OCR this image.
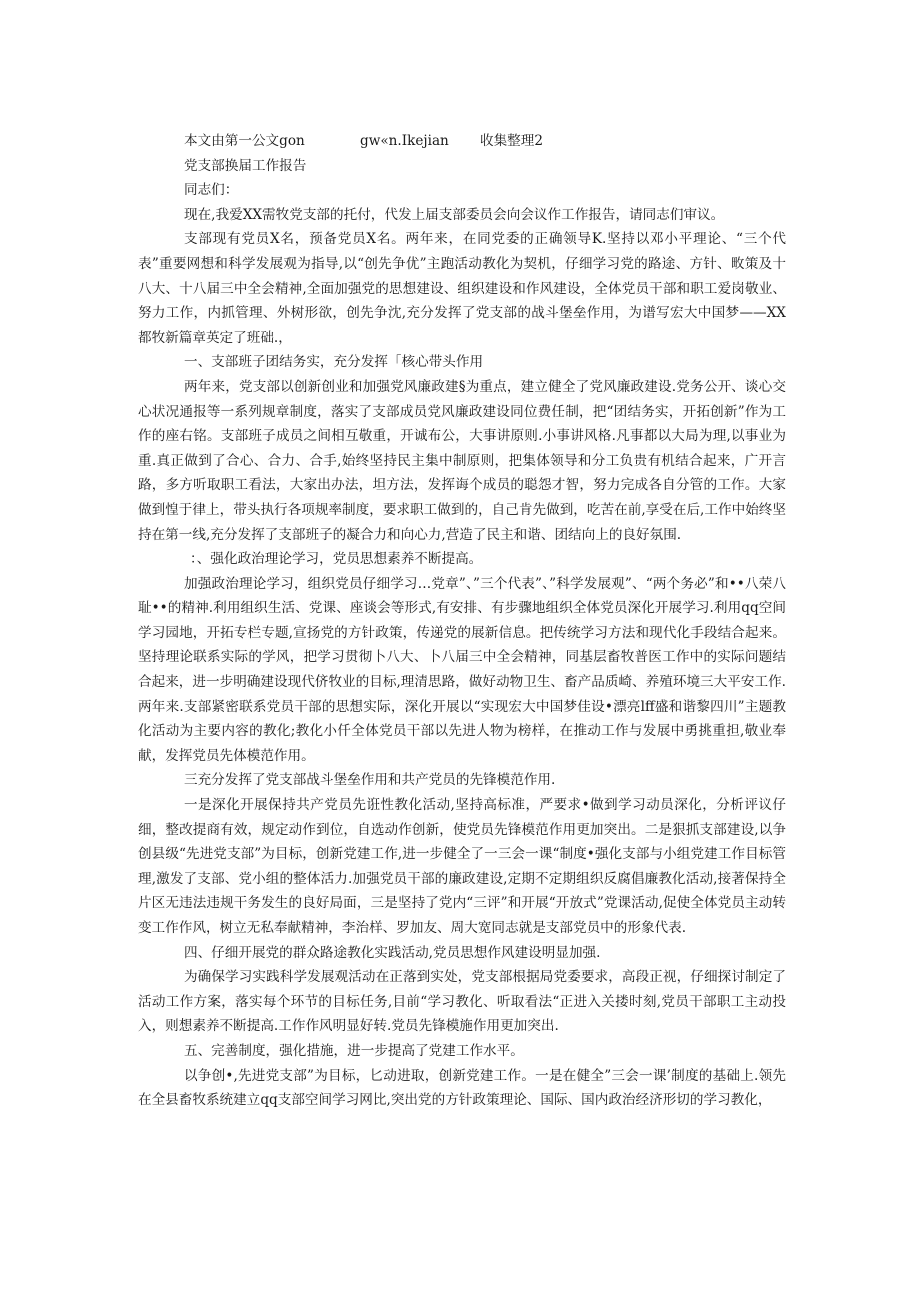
本文由第一公文gon	gw«n.Ikejian 收集整理2

党支部换届工作报告

同志们：

现在,我爱XX需牧党支部的托付，代发上届支部委员会向会议作工作报告，请同志们审议。

支部现有党员X名，预备党员X名。两年来，在同党委的正确领导K.坚持以邓小平理论、“三个代表”重要网想和科学发展观为指导,以“创先争优”主跑活动教化为契机，仔细学习党的路途、方针、畋策及十八大、十八届三中全会精神,全面加强党的思想建设、组织建设和作风建设，全体党员干部和职工爱岗敬业、努力工作，内抓管理、外树形欲，创先争沈,充分发挥了党支部的战斗堡垒作用，为谱写宏大中国梦——XX都牧新篇章英定了班础.，

一、支部班子团结务实，充分发挥「核心带头作用

两年来，党支部以创新创业和加强党风廉政建§为重点，建立健全了党风廉政建设.党务公开、谈心交心状况通报等一系列规章制度，落实了支部成员党风廉政建设同位费任制，把“团结务实，开拓创新”作为工作的座右铭。支部班子成员之间相互敬重，开诚布公，大事讲原则.小事讲风格.凡事都以大局为理,以事业为重.真正做到了合心、合力、合手,始终坚持民主集中制原则，把集体领导和分工负贵有机结合起来，广开言路，多方听取职工看法，大家出办法，坦方法，发挥诲个成员的聪怨才智，努力完成各自分管的工作。大家做到惶于律上，带头执行各项规率制度，要求职工做到的，自己肯先做到，吃苦在前,享受在后,工作中始终坚持在第一线,充分发挥了支部班子的凝合力和向心力,营造了民主和谐、团结向上的良好氛围.

：、强化政治理论学习，党员思想素养不断提高。

加强政治理论学习，组织党员仔细学习…党章”、”三个代表”、”科学发展观”、“两个务必”和••八荣八耻••的精神.利用组织生活、党课、座谈会等形式,有安排、有步骤地组织全体党员深化开展学习.利用qq空间学习园地，开拓专栏专题,宣扬党的方针政策，传递党的展新信息。把传统学习方法和现代化手段结合起来。坚持理论联系实际的学风，把学习贯彻卜八大、卜八届三中全会精神，同基层畜牧普医工作中的实际问题结合起来，进一步明确建设现代侪牧业的目标,理清思路，做好动物卫生、畜产品质崎、养殖环境三大平安工作.两年来.支部紧密联系党员干部的思想实际，深化开展以“实现宏大中国梦佳设•漂亮lff盛和谐黎四川”主题教化活动为主要内容的教化;教化小仟全体党员干部以先进人物为榜样，在推动工作与发展中勇挑重担,敬业奉献，发挥党员先体模范作用。

三充分发挥了党支部战斗堡垒作用和共产党员的先锋模范作用.

一是深化开展保持共产党员先诳性教化活动,坚持高标准，严要求•做到学习动员深化，分析评议仔细，整改提商有效，规定动作到位，自选动作创新，使党员先锋模范作用更加突出。二是狠抓支部建设,以争创县级“先进党支部”为目标，创新党建工作,进一步健全了一三会一课“制度•强化支部与小组党建工作目标管理,激发了支部、党小组的整体活力.加强党员干部的廉政建设,定期不定期组织反腐倡廉教化活动,接著保持全片区无违法违规干务发生的良好局面，三是坚持了党内“三评”和开展“开放式”党课活动,促使全体党员主动转变工作作风，树立无私奉献精神，李治样、罗加友、周大宽同志就是支部党员中的形象代表.

四、仔细开展党的群众路途教化实践活动,党员思想作风建设明显加强.

为确保学习实践科学发展观活动在正落到实处，党支部根据局党委要求，高段正视，仔细探讨制定了活动工作方案，落实每个环节的目标任务,目前“学习教化、听取看法“正进入关搂时刻,党员干部职工主动投入，则想素养不断提高.工作作风明显好转.党员先锋模施作用更加突出.

五、完善制度，强化措施，进一步提高了党建工作水平。

以争创•,先进党支部”为目标，匕动进取，创新党建工作。一是在健全”三会一课’制度的基础上.领先在全县畜牧系统建立qq支部空间学习网比,突出党的方针政策理论、国际、国内政治经济形切的学习教化，
